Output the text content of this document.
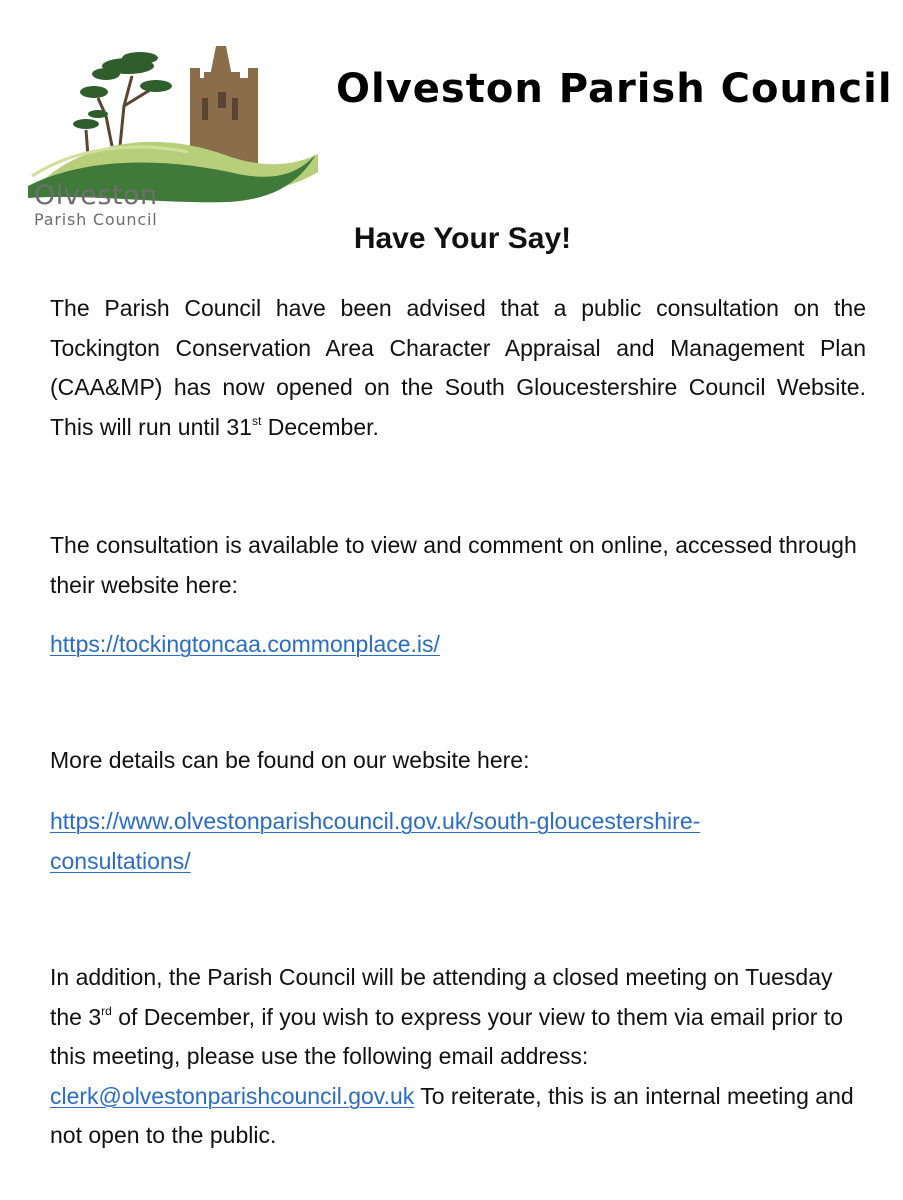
Olveston
Parish Council
Olveston Parish Council
Have Your Say!

The Parish Council have been advised that a public consultation on the Tockington Conservation Area Character Appraisal and Management Plan (CAA&MP) has now opened on the South Gloucestershire Council Website. This will run until 31st December.

The consultation is available to view and comment on online, accessed through their website here:

https://tockingtoncaa.commonplace.is/

More details can be found on our website here:

https://www.olvestonparishcouncil.gov.uk/south-gloucestershire-
consultations/

In addition, the Parish Council will be attending a closed meeting on Tuesday the 3rd of December, if you wish to express your view to them via email prior to this meeting, please use the following email address: clerk@olvestonparishcouncil.gov.uk To reiterate, this is an internal meeting and not open to the public.
